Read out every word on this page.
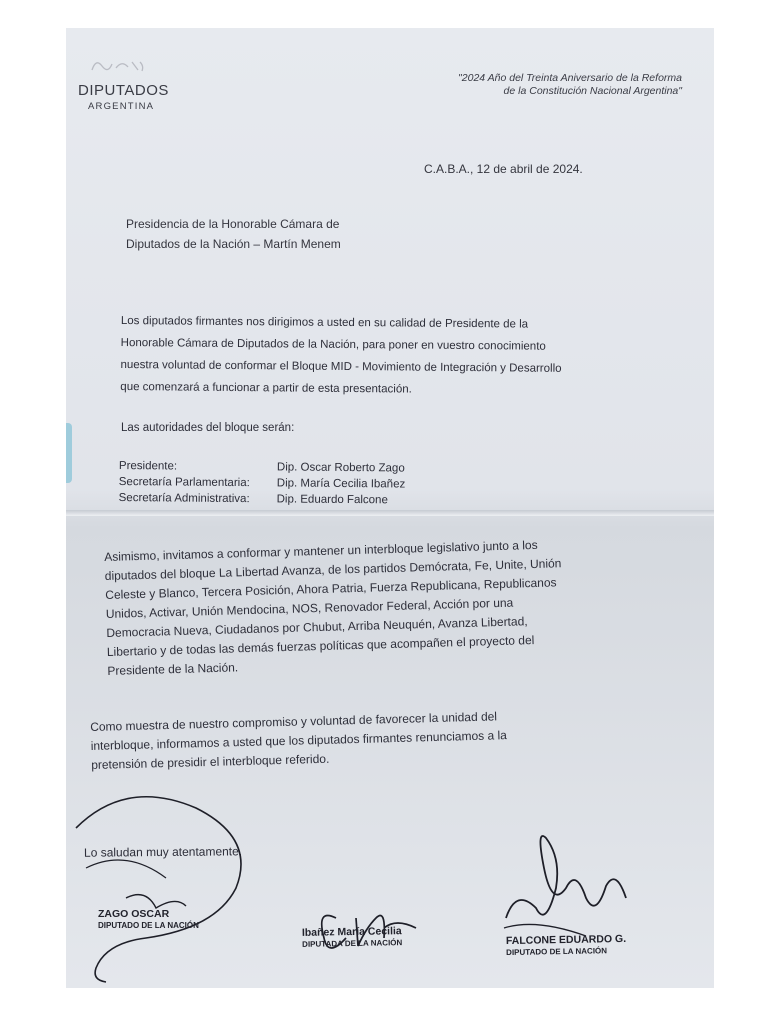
DIPUTADOS
ARGENTINA
"2024 Año del Treinta Aniversario de la Reforma
de la Constitución Nacional Argentina"
C.A.B.A., 12 de abril de 2024.
Presidencia de la Honorable Cámara de
Diputados de la Nación – Martín Menem
Los diputados firmantes nos dirigimos a usted en su calidad de Presidente de la
Honorable Cámara de Diputados de la Nación, para poner en vuestro conocimiento
nuestra voluntad de conformar el Bloque MID - Movimiento de Integración y Desarrollo
que comenzará a funcionar a partir de esta presentación.
Las autoridades del bloque serán:
Presidente:	Dip. Oscar Roberto Zago
Secretaría Parlamentaria:	Dip. María Cecilia Ibañez
Secretaría Administrativa:	Dip. Eduardo Falcone
Asimismo, invitamos a conformar y mantener un interbloque legislativo junto a los
diputados del bloque La Libertad Avanza, de los partidos Demócrata, Fe, Unite, Unión
Celeste y Blanco, Tercera Posición, Ahora Patria, Fuerza Republicana, Republicanos
Unidos, Activar, Unión Mendocina, NOS, Renovador Federal, Acción por una
Democracia Nueva, Ciudadanos por Chubut, Arriba Neuquén, Avanza Libertad,
Libertario y de todas las demás fuerzas políticas que acompañen el proyecto del
Presidente de la Nación.
Como muestra de nuestro compromiso y voluntad de favorecer la unidad del
interbloque, informamos a usted que los diputados firmantes renunciamos a la
pretensión de presidir el interbloque referido.
Lo saludan muy atentamente,
ZAGO OSCAR
DIPUTADO DE LA NACIÓN	Ibañez María Cecilia
DIPUTADA DE LA NACIÓN	FALCONE EDUARDO G.
DIPUTADO DE LA NACIÓN
